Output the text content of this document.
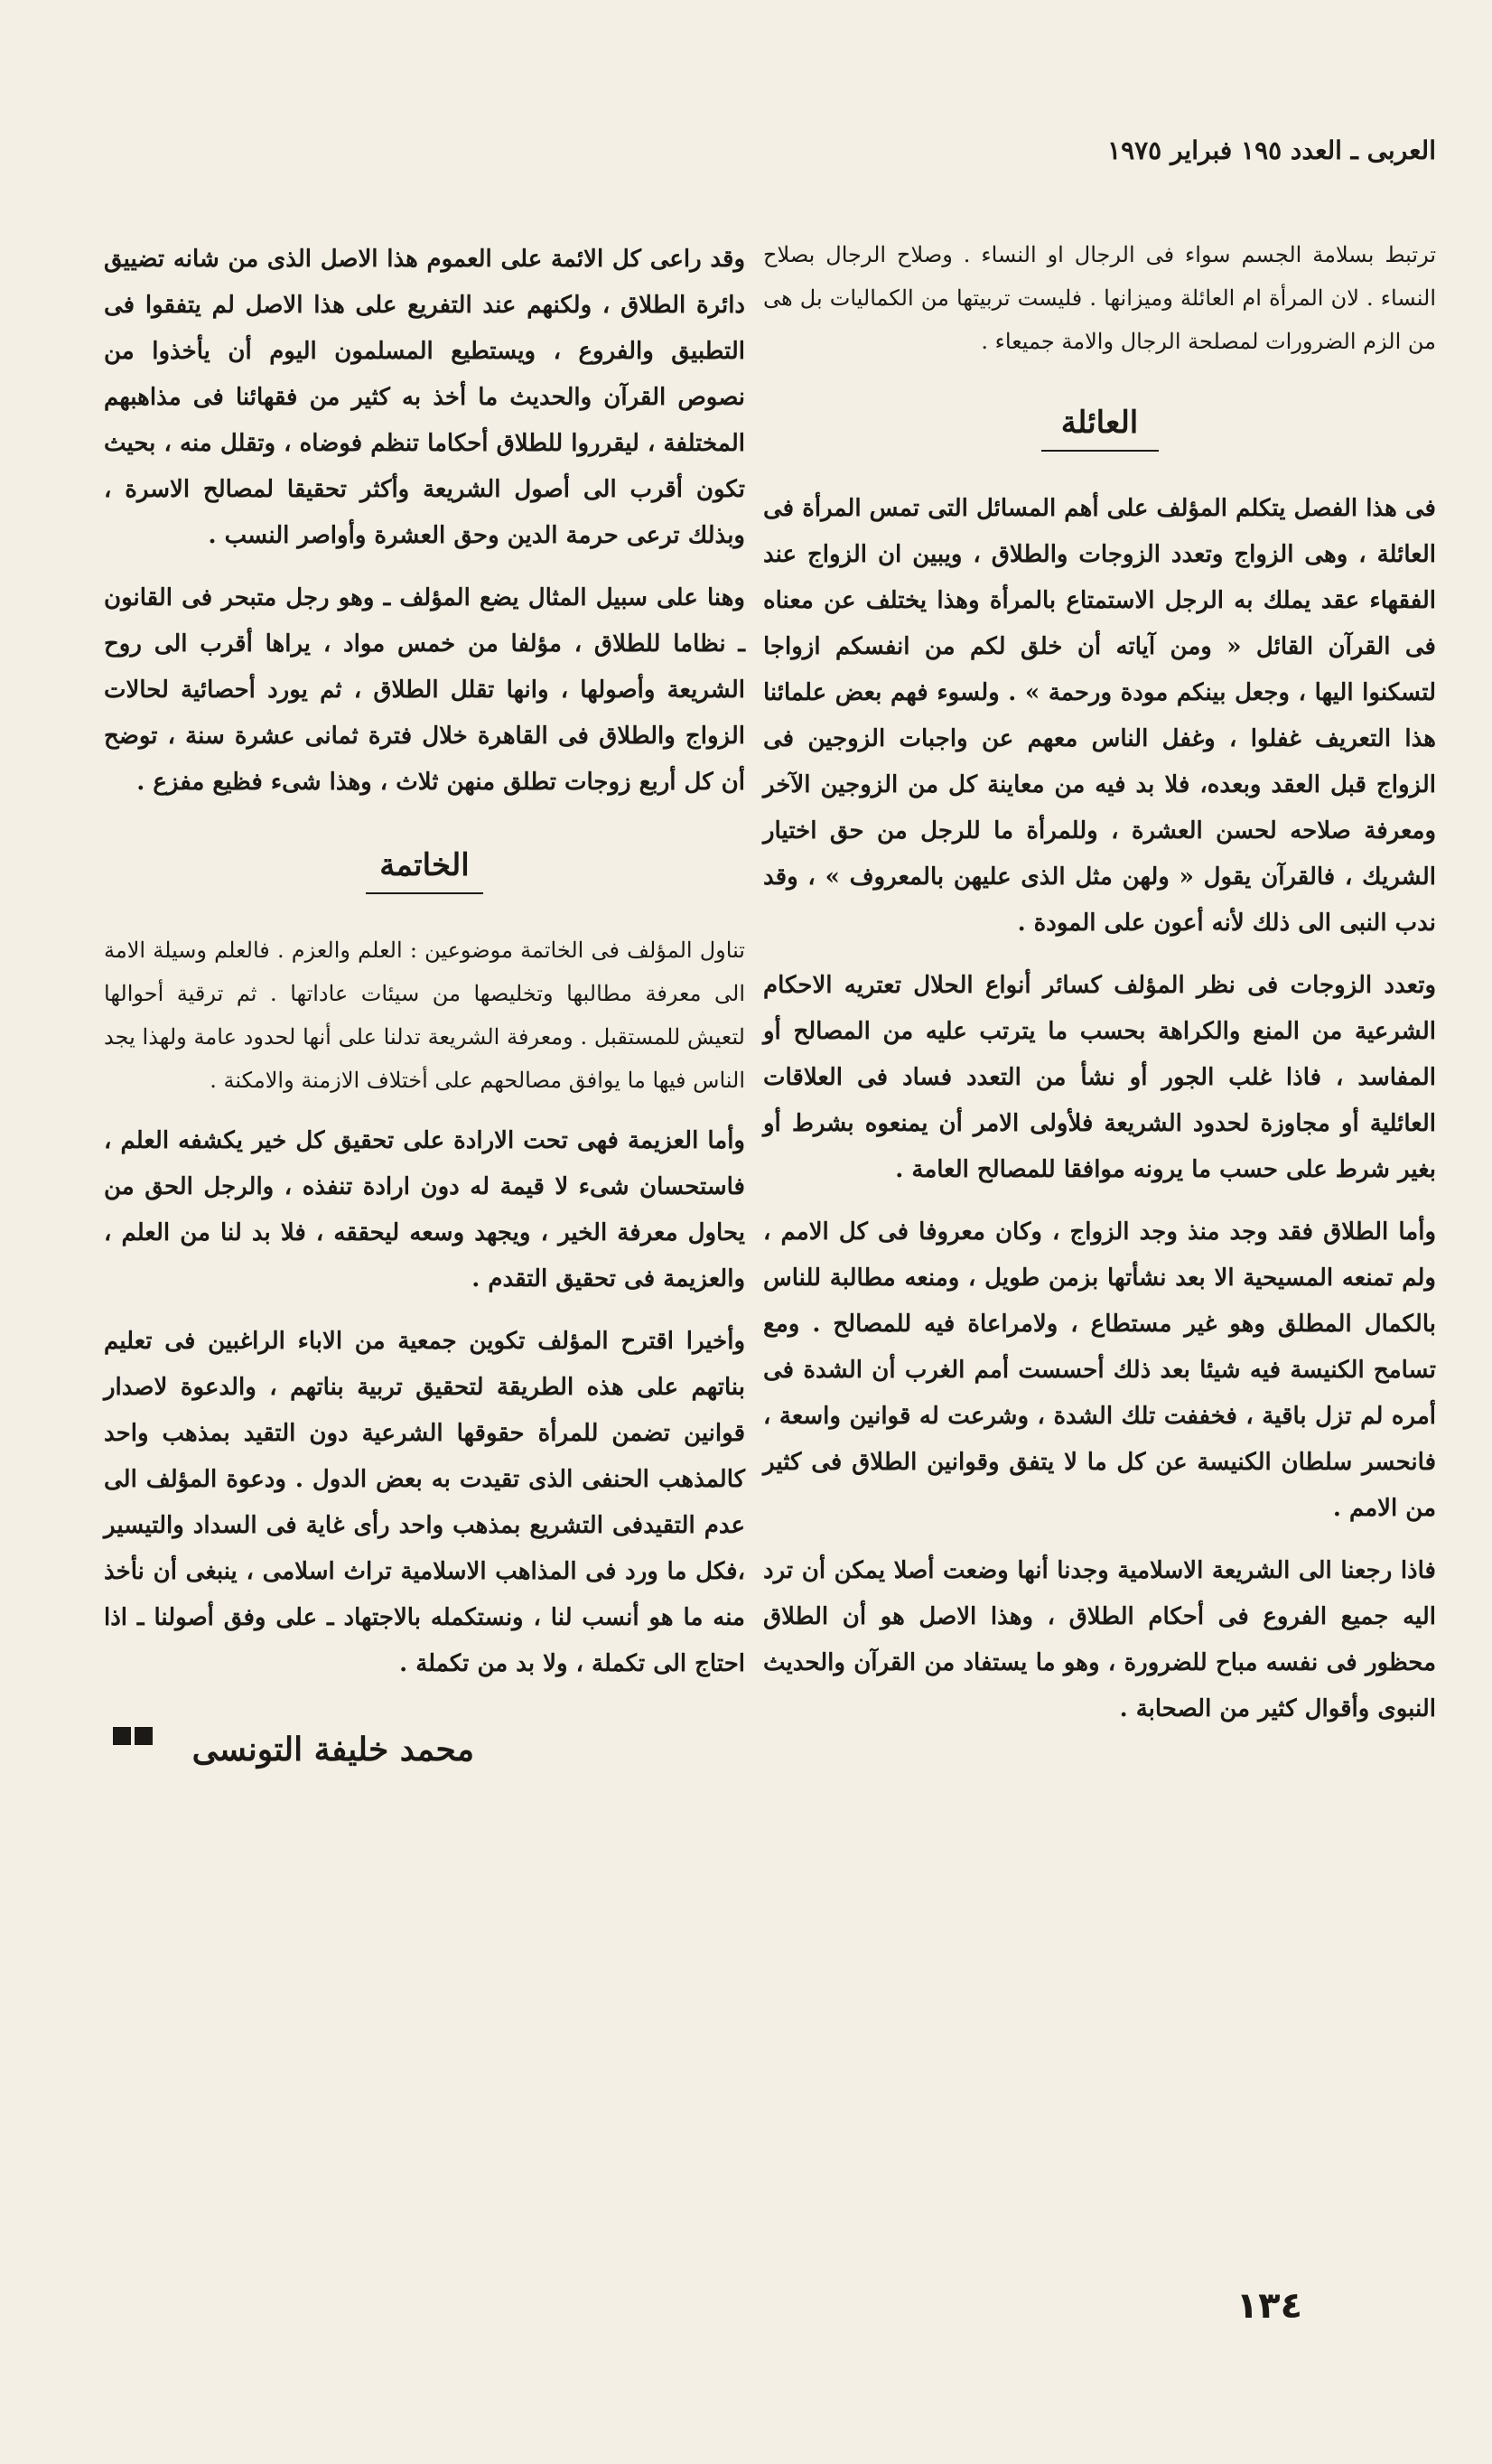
العربى ـ العدد ١٩٥ فبراير ١٩٧٥

ترتبط بسلامة الجسم سواء فى الرجال او النساء . وصلاح الرجال بصلاح النساء . لان المرأة ام العائلة وميزانها . فليست تربيتها من الكماليات بل هى من الزم الضرورات لمصلحة الرجال والامة جميعاء .

العائلة

فى هذا الفصل يتكلم المؤلف على أهم المسائل التى تمس المرأة فى العائلة ، وهى الزواج وتعدد الزوجات والطلاق ، ويبين ان الزواج عند الفقهاء عقد يملك به الرجل الاستمتاع بالمرأة وهذا يختلف عن معناه فى القرآن القائل « ومن آياته أن خلق لكم من انفسكم ازواجا لتسكنوا اليها ، وجعل بينكم مودة ورحمة » . ولسوء فهم بعض علمائنا هذا التعريف غفلوا ، وغفل الناس معهم عن واجبات الزوجين فى الزواج قبل العقد وبعده، فلا بد فيه من معاينة كل من الزوجين الآخر ومعرفة صلاحه لحسن العشرة ، وللمرأة ما للرجل من حق اختيار الشريك ، فالقرآن يقول « ولهن مثل الذى عليهن بالمعروف » ، وقد ندب النبى الى ذلك لأنه أعون على المودة .

وتعدد الزوجات فى نظر المؤلف كسائر أنواع الحلال تعتريه الاحكام الشرعية من المنع والكراهة بحسب ما يترتب عليه من المصالح أو المفاسد ، فاذا غلب الجور أو نشأ من التعدد فساد فى العلاقات العائلية أو مجاوزة لحدود الشريعة فلأولى الامر أن يمنعوه بشرط أو بغير شرط على حسب ما يرونه موافقا للمصالح العامة .

وأما الطلاق فقد وجد منذ وجد الزواج ، وكان معروفا فى كل الامم ، ولم تمنعه المسيحية الا بعد نشأتها بزمن طويل ، ومنعه مطالبة للناس بالكمال المطلق وهو غير مستطاع ، ولامراعاة فيه للمصالح . ومع تسامح الكنيسة فيه شيئا بعد ذلك أحسست أمم الغرب أن الشدة فى أمره لم تزل باقية ، فخففت تلك الشدة ، وشرعت له قوانين واسعة ، فانحسر سلطان الكنيسة عن كل ما لا يتفق وقوانين الطلاق فى كثير من الامم .

فاذا رجعنا الى الشريعة الاسلامية وجدنا أنها وضعت أصلا يمكن أن ترد اليه جميع الفروع فى أحكام الطلاق ، وهذا الاصل هو أن الطلاق محظور فى نفسه مباح للضرورة ، وهو ما يستفاد من القرآن والحديث النبوى وأقوال كثير من الصحابة .

وقد راعى كل الائمة على العموم هذا الاصل الذى من شانه تضييق دائرة الطلاق ، ولكنهم عند التفريع على هذا الاصل لم يتفقوا فى التطبيق والفروع ، ويستطيع المسلمون اليوم أن يأخذوا من نصوص القرآن والحديث ما أخذ به كثير من فقهائنا فى مذاهبهم المختلفة ، ليقرروا للطلاق أحكاما تنظم فوضاه ، وتقلل منه ، بحيث تكون أقرب الى أصول الشريعة وأكثر تحقيقا لمصالح الاسرة ، وبذلك ترعى حرمة الدين وحق العشرة وأواصر النسب .

وهنا على سبيل المثال يضع المؤلف ـ وهو رجل متبحر فى القانون ـ نظاما للطلاق ، مؤلفا من خمس مواد ، يراها أقرب الى روح الشريعة وأصولها ، وانها تقلل الطلاق ، ثم يورد أحصائية لحالات الزواج والطلاق فى القاهرة خلال فترة ثمانى عشرة سنة ، توضح أن كل أربع زوجات تطلق منهن ثلاث ، وهذا شىء فظيع مفزع .

الخاتمة

تناول المؤلف فى الخاتمة موضوعين : العلم والعزم . فالعلم وسيلة الامة الى معرفة مطالبها وتخليصها من سيئات عاداتها . ثم ترقية أحوالها لتعيش للمستقبل . ومعرفة الشريعة تدلنا على أنها لحدود عامة ولهذا يجد الناس فيها ما يوافق مصالحهم على أختلاف الازمنة والامكنة .

وأما العزيمة فهى تحت الارادة على تحقيق كل خير يكشفه العلم ، فاستحسان شىء لا قيمة له دون ارادة تنفذه ، والرجل الحق من يحاول معرفة الخير ، ويجهد وسعه ليحققه ، فلا بد لنا من العلم ، والعزيمة فى تحقيق التقدم .

وأخيرا اقترح المؤلف تكوين جمعية من الاباء الراغبين فى تعليم بناتهم على هذه الطريقة لتحقيق تربية بناتهم ، والدعوة لاصدار قوانين تضمن للمرأة حقوقها الشرعية دون التقيد بمذهب واحد كالمذهب الحنفى الذى تقيدت به بعض الدول . ودعوة المؤلف الى عدم التقيدفى التشريع بمذهب واحد رأى غاية فى السداد والتيسير ،فكل ما ورد فى المذاهب الاسلامية تراث اسلامى ، ينبغى أن نأخذ منه ما هو أنسب لنا ، ونستكمله بالاجتهاد ـ على وفق أصولنا ـ اذا احتاج الى تكملة ، ولا بد من تكملة .

محمد خليفة التونسى
١٣٤
